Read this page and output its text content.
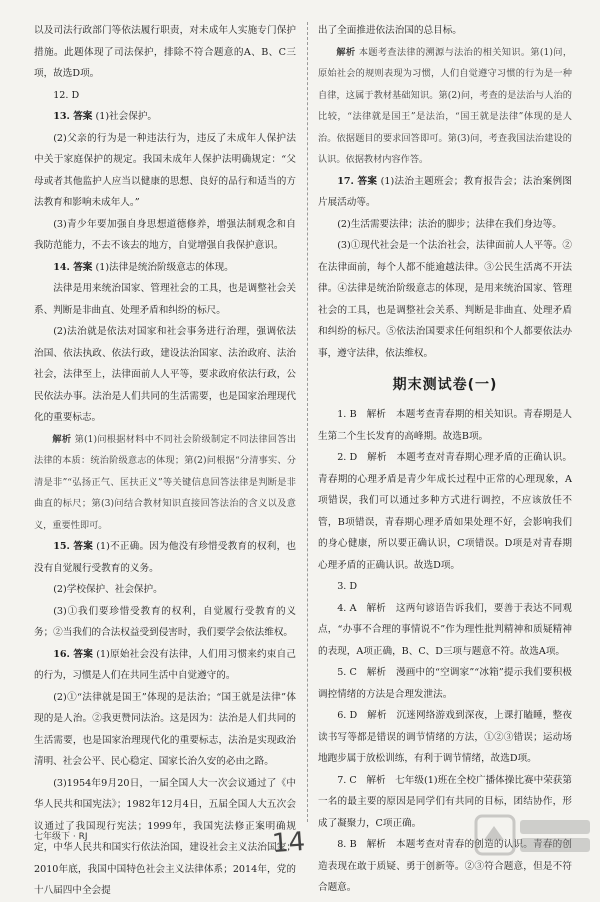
以及司法行政部门等依法履行职责，对未成年人实施专门保护措施。此题体现了司法保护，排除不符合题意的A、B、C三项，故选D项。

12. D

13. 答案 (1)社会保护。

(2)父亲的行为是一种违法行为，违反了未成年人保护法中关于家庭保护的规定。我国未成年人保护法明确规定：“父母或者其他监护人应当以健康的思想、良好的品行和适当的方法教育和影响未成年人。”

(3)青少年要加强自身思想道德修养，增强法制观念和自我防范能力，不去不该去的地方，自觉增强自我保护意识。

14. 答案 (1)法律是统治阶级意志的体现。

法律是用来统治国家、管理社会的工具，也是调整社会关系、判断是非曲直、处理矛盾和纠纷的标尺。

(2)法治就是依法对国家和社会事务进行治理，强调依法治国、依法执政、依法行政，建设法治国家、法治政府、法治社会，法律至上，法律面前人人平等，要求政府依法行政，公民依法办事。法治是人们共同的生活需要，也是国家治理现代化的重要标志。

解析 第(1)问根据材料中不同社会阶级制定不同法律回答出法律的本质：统治阶级意志的体现；第(2)问根据“分清事实、分清是非”“弘扬正气、匡扶正义”等关键信息回答法律是判断是非曲直的标尺；第(3)问结合教材知识直接回答法治的含义以及意义，重要性即可。

15. 答案 (1)不正确。因为他没有珍惜受教育的权利，也没有自觉履行受教育的义务。

(2)学校保护、社会保护。

(3)①我们要珍惜受教育的权利，自觉履行受教育的义务；②当我们的合法权益受到侵害时，我们要学会依法维权。

16. 答案 (1)原始社会没有法律，人们用习惯来约束自己的行为，习惯是人们在共同生活中自觉遵守的。

(2)①“法律就是国王”体现的是法治；“国王就是法律”体现的是人治。②我更赞同法治。这是因为：法治是人们共同的生活需要，也是国家治理现代化的重要标志，法治是实现政治清明、社会公平、民心稳定、国家长治久安的必由之路。

(3)1954年9月20日，一届全国人大一次会议通过了《中华人民共和国宪法》；1982年12月4日，五届全国人大五次会议通过了我国现行宪法；1999年，我国宪法修正案明确规定，中华人民共和国实行依法治国，建设社会主义法治国家；2010年底，我国中国特色社会主义法律体系；2014年，党的十八届四中全会提

出了全面推进依法治国的总目标。

解析 本题考查法律的溯源与法治的相关知识。第(1)问，原始社会的规则表现为习惯，人们自觉遵守习惯的行为是一种自律，这属于教材基础知识。第(2)问，考查的是法治与人治的比较，“法律就是国王”是法治，“国王就是法律”体现的是人治。依据题目的要求回答即可。第(3)问，考查我国法治建设的认识。依据教材内容作答。

17. 答案 (1)法治主题班会；教育报告会；法治案例图片展活动等。

(2)生活需要法律；法治的脚步；法律在我们身边等。

(3)①现代社会是一个法治社会，法律面前人人平等。②在法律面前，每个人都不能逾越法律。③公民生活离不开法律。④法律是统治阶级意志的体现，是用来统治国家、管理社会的工具，也是调整社会关系、判断是非曲直、处理矛盾和纠纷的标尺。⑤依法治国要求任何组织和个人都要依法办事，遵守法律，依法维权。

期末测试卷(一)

1. B　解析　本题考查青春期的相关知识。青春期是人生第二个生长发育的高峰期。故选B项。

2. D　解析　本题考查对青春期心理矛盾的正确认识。青春期的心理矛盾是青少年成长过程中正常的心理现象，A项错误，我们可以通过多种方式进行调控，不应该放任不管，B项错误，青春期心理矛盾如果处理不好，会影响我们的身心健康，所以要正确认识，C项错误。D项是对青春期心理矛盾的正确认识。故选D项。

3. D

4. A　解析　这两句谚语告诉我们，要善于表达不同观点，“办事不合理的事情说不”作为理性批判精神和质疑精神的表现，A项正确，B、C、D三项与题意不符。故选A项。

5. C　解析　漫画中的“空调家”“冰箱”提示我们要积极调控情绪的方法是合理发泄法。

6. D　解析　沉迷网络游戏到深夜，上课打瞌睡，整夜读书写等都是错误的调节情绪的方法，①②③错误；运动场地跑步属于放松训练，有利于调节情绪，故选D项。

7. C　解析　七年级(1)班在全校广播体操比赛中荣获第一名的最主要的原因是同学们有共同的目标，团结协作，形成了凝聚力，C项正确。

8. B　解析　本题考查对青春的创造的认识。青春的创造表现在敢于质疑、勇于创新等。②③符合题意，但是不符合题意。

七年级下 · RJ	14
